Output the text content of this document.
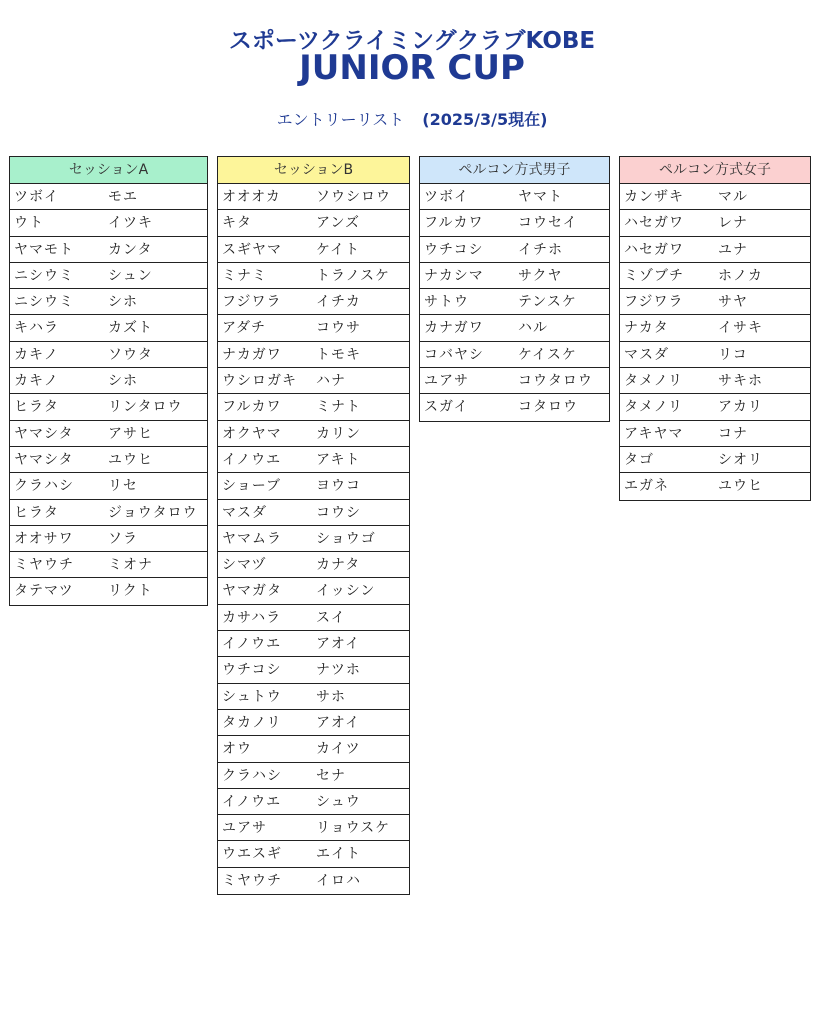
スポーツクライミングクラブKOBE
JUNIOR CUP
エントリーリスト (2025/3/5現在)
セッションA
ツボイ	モエ
ウト	イツキ
ヤマモト カンタ
ニシウミ シュン
ニシウミ シホ
キハラ	カズト
カキノ	ソウタ
カキノ	シホ
ヒラタ	リンタロウ
ヤマシタ アサヒ
ヤマシタ ユウヒ
クラハシ リセ
ヒラタ	ジョウタロウ
オオサワ ソラ
ミヤウチ ミオナ
タテマツ リクト
セッションB
オオオカ	ソウシロウ
キタ	アンズ
スギヤマ ケイト
ミナミ	トラノスケ
フジワラ イチカ
アダチ	コウサ
ナカガワ トモキ
ウシロガキ ハナ
フルカワ ミナト
オクヤマ カリン
イノウエ アキト
ショーブ ヨウコ
マスダ	コウシ
ヤマムラ ショウゴ
シマヅ	カナタ
ヤマガタ イッシン
カサハラ スイ
イノウエ アオイ
ウチコシ ナツホ
シュトウ サホ
タカノリ アオイ
オウ	カイツ
クラハシ セナ
イノウエ シュウ
ユアサ	リョウスケ
ウエスギ エイト
ミヤウチ イロハ
ペルコン方式男子
ツボイ	ヤマト
フルカワ コウセイ
ウチコシ イチホ
ナカシマ サクヤ
サトウ	テンスケ
カナガワ ハル
コバヤシ ケイスケ
ユアサ	コウタロウ
スガイ	コタロウ
ペルコン方式女子
カンザキ マル
ハセガワ レナ
ハセガワ ユナ
ミゾブチ ホノカ
フジワラ サヤ
ナカタ	イサキ
マスダ	リコ
タメノリ サキホ
タメノリ アカリ
アキヤマ コナ
タゴ	シオリ
エガネ	ユウヒ
